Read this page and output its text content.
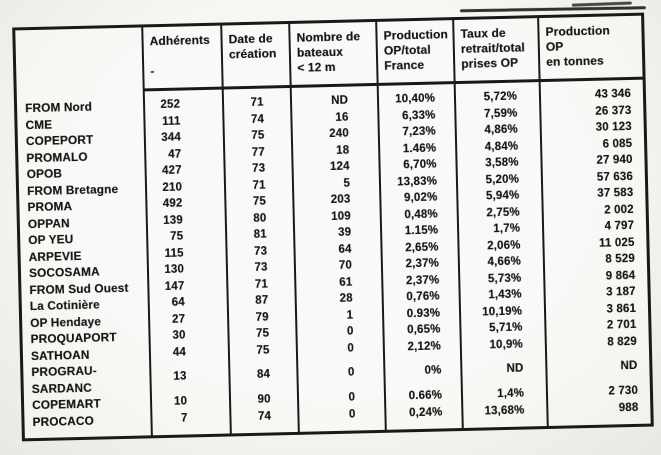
FROM Nord
CME
COPEPORT
PROMALO
OPOB
FROM Bretagne
PROMA
OPPAN
OP YEU
ARPEVIE
SOCOSAMA
FROM Sud Ouest
La Cotinière
OP Hendaye
PROQUAPORT
SATHOAN
PROGRAU-
SARDANC
COPEMART
PROCACO
Adhérents
-
252
111
344
47
427
210
492
139
75
115
130
147
64
27
30
44
13
10
7
Date de
création
71
74
75
77
73
71
75
80
81
73
73
71
87
79
75
75
84
90
74
Nombre de
bateaux
< 12 m
ND
16
240
18
124
5
203
109
39
64
70
61
28
1
0
0
0
0
0
Production
OP/total
France
10,40%
6,33%
7,23%
1.46%
6,70%
13,83%
9,02%
0,48%
1.15%
2,65%
2,37%
2,37%
0,76%
0.93%
0,65%
2,12%
0%
0.66%
0,24%
Taux de
retrait/total
prises OP
5,72%
7,59%
4,86%
4,84%
3,58%
5,20%
5,94%
2,75%
1,7%
2,06%
4,66%
5,73%
1,43%
10,19%
5,71%
10,9%
ND
1,4%
13,68%
Production
OP
en tonnes
43 346
26 373
30 123
6 085
27 940
57 636
37 583
2 002
4 797
11 025
8 529
9 864
3 187
3 861
2 701
8 829
ND
2 730
988
